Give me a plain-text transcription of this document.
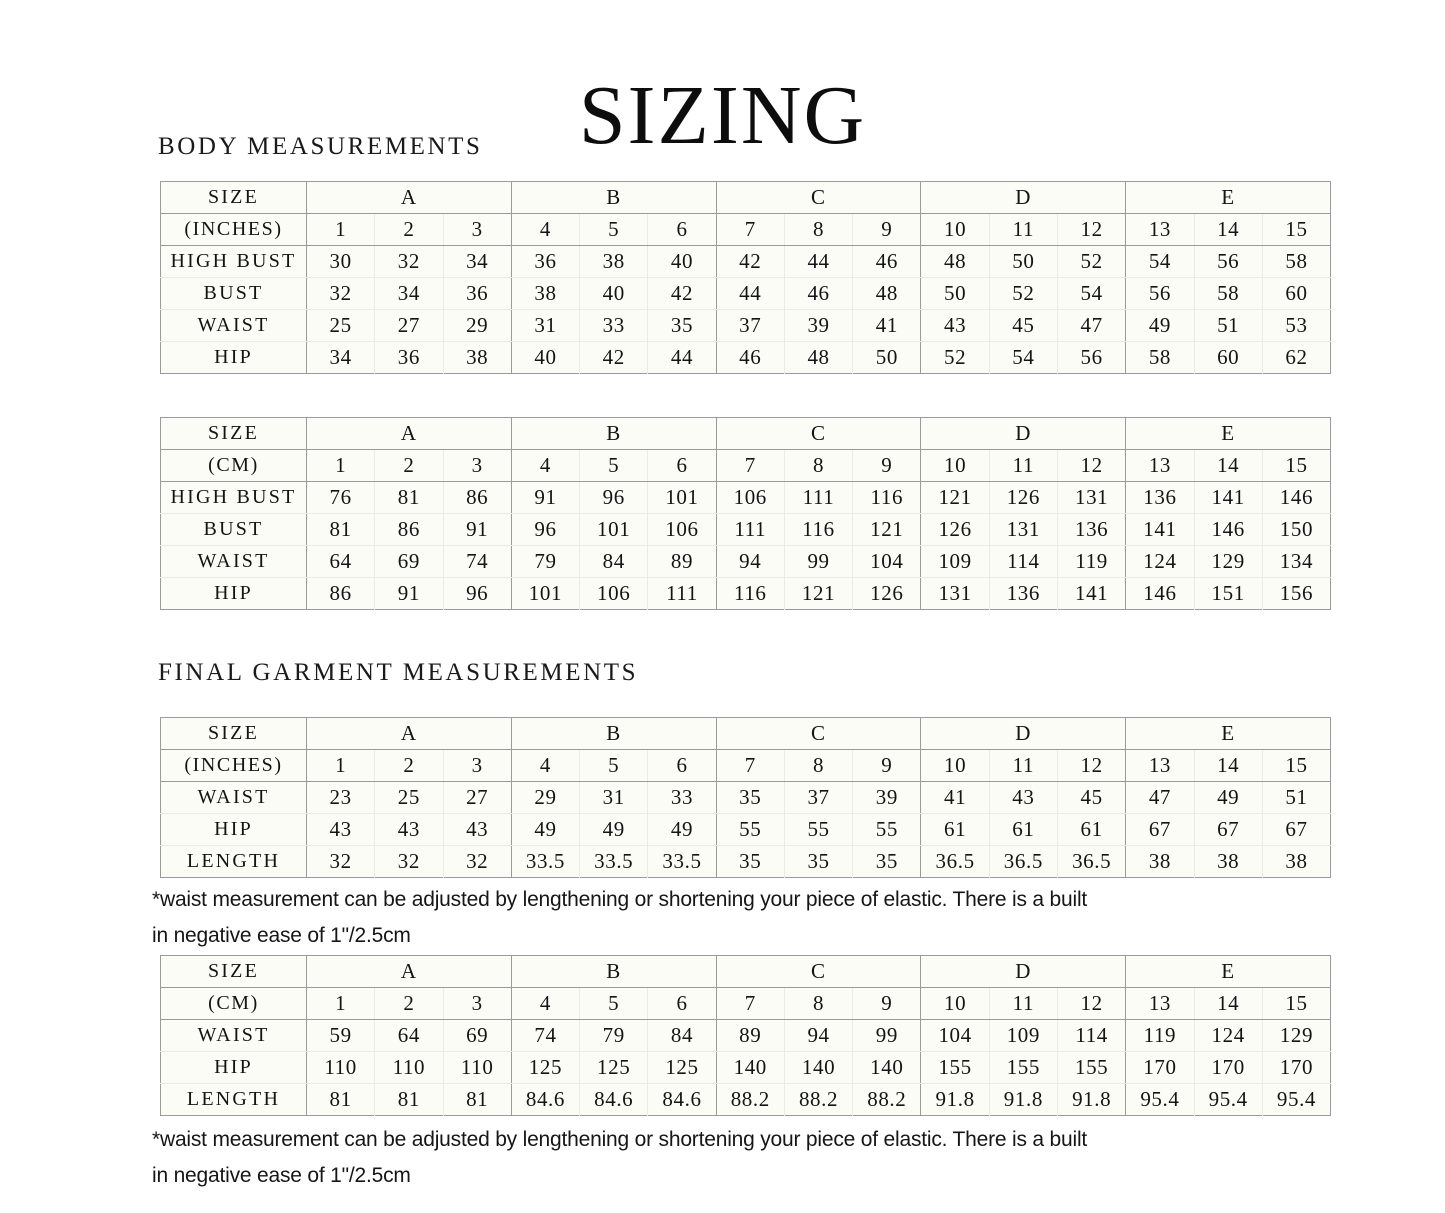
SIZING
BODY MEASUREMENTS
SIZE	A			B			C			D			E		
(INCHES)	1	2	3	4	5	6	7	8	9	10	11	12	13	14	15
HIGH BUST	30	32	34	36	38	40	42	44	46	48	50	52	54	56	58
BUST	32	34	36	38	40	42	44	46	48	50	52	54	56	58	60
WAIST	25	27	29	31	33	35	37	39	41	43	45	47	49	51	53
HIP	34	36	38	40	42	44	46	48	50	52	54	56	58	60	62
SIZE	A			B			C			D			E		
(CM)	1	2	3	4	5	6	7	8	9	10	11	12	13	14	15
HIGH BUST	76	81	86	91	96	101	106	111	116	121	126	131	136	141	146
BUST	81	86	91	96	101	106	111	116	121	126	131	136	141	146	150
WAIST	64	69	74	79	84	89	94	99	104	109	114	119	124	129	134
HIP	86	91	96	101	106	111	116	121	126	131	136	141	146	151	156
FINAL GARMENT MEASUREMENTS
SIZE	A			B			C			D			E		
(INCHES)	1	2	3	4	5	6	7	8	9	10	11	12	13	14	15
WAIST	23	25	27	29	31	33	35	37	39	41	43	45	47	49	51
HIP	43	43	43	49	49	49	55	55	55	61	61	61	67	67	67
LENGTH	32	32	32	33.5	33.5	33.5	35	35	35	36.5	36.5	36.5	38	38	38
*waist measurement can be adjusted by lengthening or shortening your piece of elastic. There is a built
in negative ease of 1"/2.5cm
SIZE	A			B			C			D			E		
(CM)	1	2	3	4	5	6	7	8	9	10	11	12	13	14	15
WAIST	59	64	69	74	79	84	89	94	99	104	109	114	119	124	129
HIP	110	110	110	125	125	125	140	140	140	155	155	155	170	170	170
LENGTH	81	81	81	84.6	84.6	84.6	88.2	88.2	88.2	91.8	91.8	91.8	95.4	95.4	95.4
*waist measurement can be adjusted by lengthening or shortening your piece of elastic. There is a built
in negative ease of 1"/2.5cm
